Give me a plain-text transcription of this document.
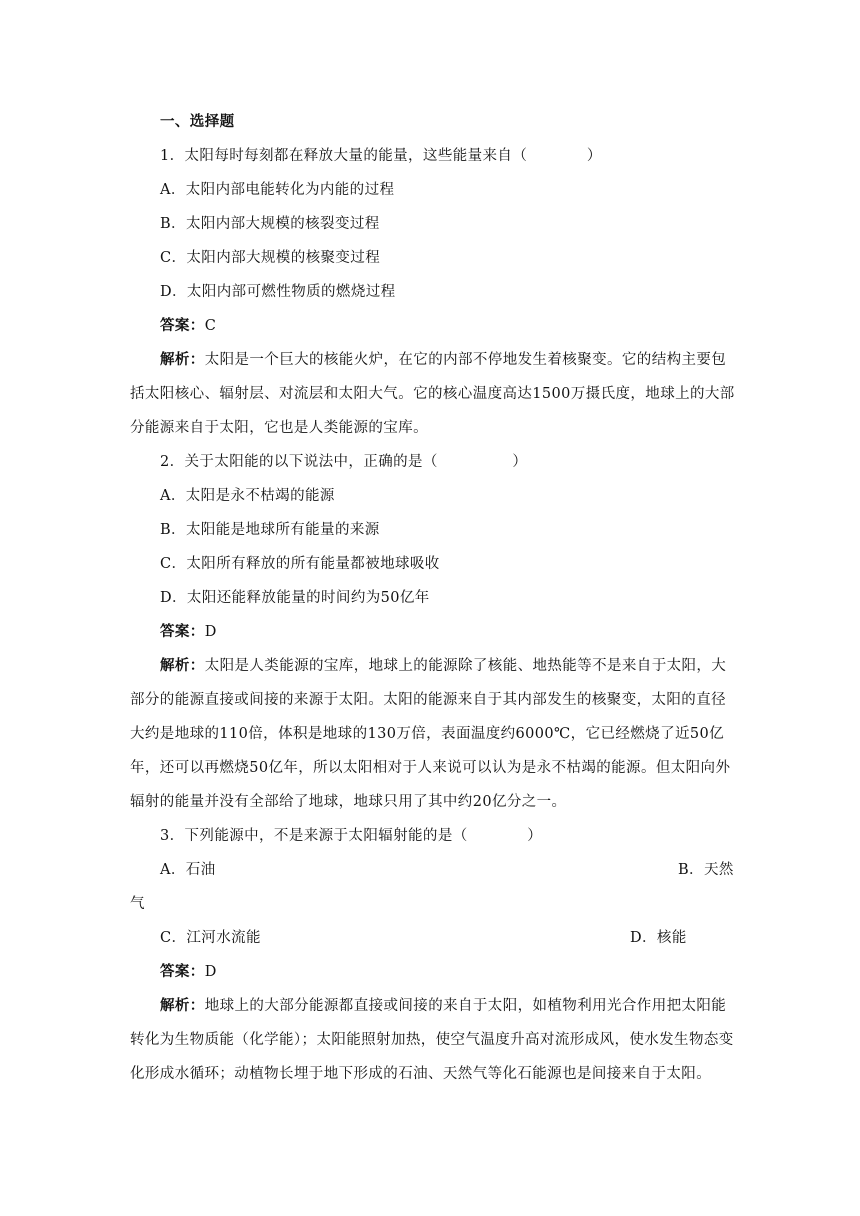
一、选择题
1．太阳每时每刻都在释放大量的能量，这些能量来自（　　　　）
A．太阳内部电能转化为内能的过程
B．太阳内部大规模的核裂变过程
C．太阳内部大规模的核聚变过程
D．太阳内部可燃性物质的燃烧过程
答案：C
解析：太阳是一个巨大的核能火炉，在它的内部不停地发生着核聚变。它的结构主要包括太阳核心、辐射层、对流层和太阳大气。它的核心温度高达1500万摄氏度，地球上的大部分能源来自于太阳，它也是人类能源的宝库。
2．关于太阳能的以下说法中，正确的是（　　　　　）
A．太阳是永不枯竭的能源
B．太阳能是地球所有能量的来源
C．太阳所有释放的所有能量都被地球吸收
D．太阳还能释放能量的时间约为50亿年
答案：D
解析：太阳是人类能源的宝库，地球上的能源除了核能、地热能等不是来自于太阳，大部分的能源直接或间接的来源于太阳。太阳的能源来自于其内部发生的核聚变，太阳的直径大约是地球的110倍，体积是地球的130万倍，表面温度约6000℃，它已经燃烧了近50亿年，还可以再燃烧50亿年，所以太阳相对于人来说可以认为是永不枯竭的能源。但太阳向外辐射的能量并没有全部给了地球，地球只用了其中约20亿分之一。
3．下列能源中，不是来源于太阳辐射能的是（　　　　）
A．石油	B．天然
气
C．江河水流能	D．核能
答案：D
解析：地球上的大部分能源都直接或间接的来自于太阳，如植物利用光合作用把太阳能转化为生物质能（化学能）；太阳能照射加热，使空气温度升高对流形成风，使水发生物态变化形成水循环；动植物长埋于地下形成的石油、天然气等化石能源也是间接来自于太阳。
